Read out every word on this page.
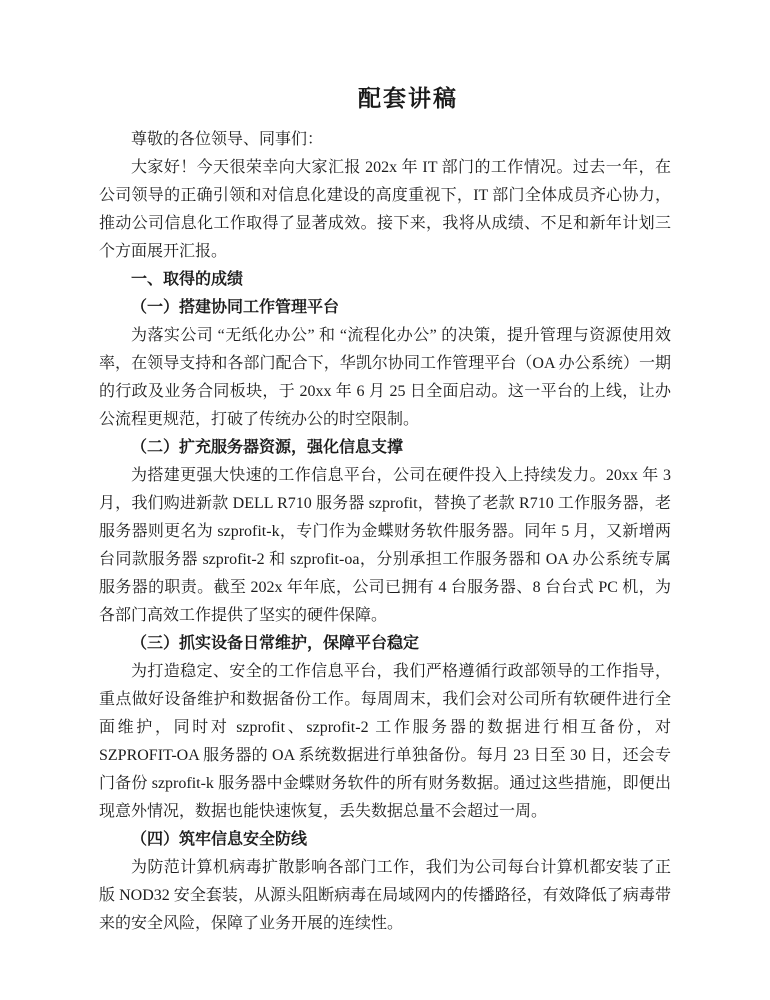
配套讲稿

尊敬的各位领导、同事们：

大家好！今天很荣幸向大家汇报 202x 年 IT 部门的工作情况。过去一年，在公司领导的正确引领和对信息化建设的高度重视下，IT 部门全体成员齐心协力，推动公司信息化工作取得了显著成效。接下来，我将从成绩、不足和新年计划三个方面展开汇报。

一、取得的成绩

（一）搭建协同工作管理平台

为落实公司 “无纸化办公” 和 “流程化办公” 的决策，提升管理与资源使用效率，在领导支持和各部门配合下，华凯尔协同工作管理平台（OA 办公系统）一期的行政及业务合同板块，于 20xx 年 6 月 25 日全面启动。这一平台的上线，让办公流程更规范，打破了传统办公的时空限制。

（二）扩充服务器资源，强化信息支撑

为搭建更强大快速的工作信息平台，公司在硬件投入上持续发力。20xx 年 3 月，我们购进新款 DELL R710 服务器 szprofit，替换了老款 R710 工作服务器，老服务器则更名为 szprofit-k，专门作为金蝶财务软件服务器。同年 5 月，又新增两台同款服务器 szprofit-2 和 szprofit-oa，分别承担工作服务器和 OA 办公系统专属服务器的职责。截至 202x 年年底，公司已拥有 4 台服务器、8 台台式 PC 机，为各部门高效工作提供了坚实的硬件保障。

（三）抓实设备日常维护，保障平台稳定

为打造稳定、安全的工作信息平台，我们严格遵循行政部领导的工作指导，重点做好设备维护和数据备份工作。每周周末，我们会对公司所有软硬件进行全面维护，同时对 szprofit、szprofit-2 工作服务器的数据进行相互备份，对 SZPROFIT-OA 服务器的 OA 系统数据进行单独备份。每月 23 日至 30 日，还会专门备份 szprofit-k 服务器中金蝶财务软件的所有财务数据。通过这些措施，即便出现意外情况，数据也能快速恢复，丢失数据总量不会超过一周。

（四）筑牢信息安全防线

为防范计算机病毒扩散影响各部门工作，我们为公司每台计算机都安装了正版 NOD32 安全套装，从源头阻断病毒在局域网内的传播路径，有效降低了病毒带来的安全风险，保障了业务开展的连续性。
